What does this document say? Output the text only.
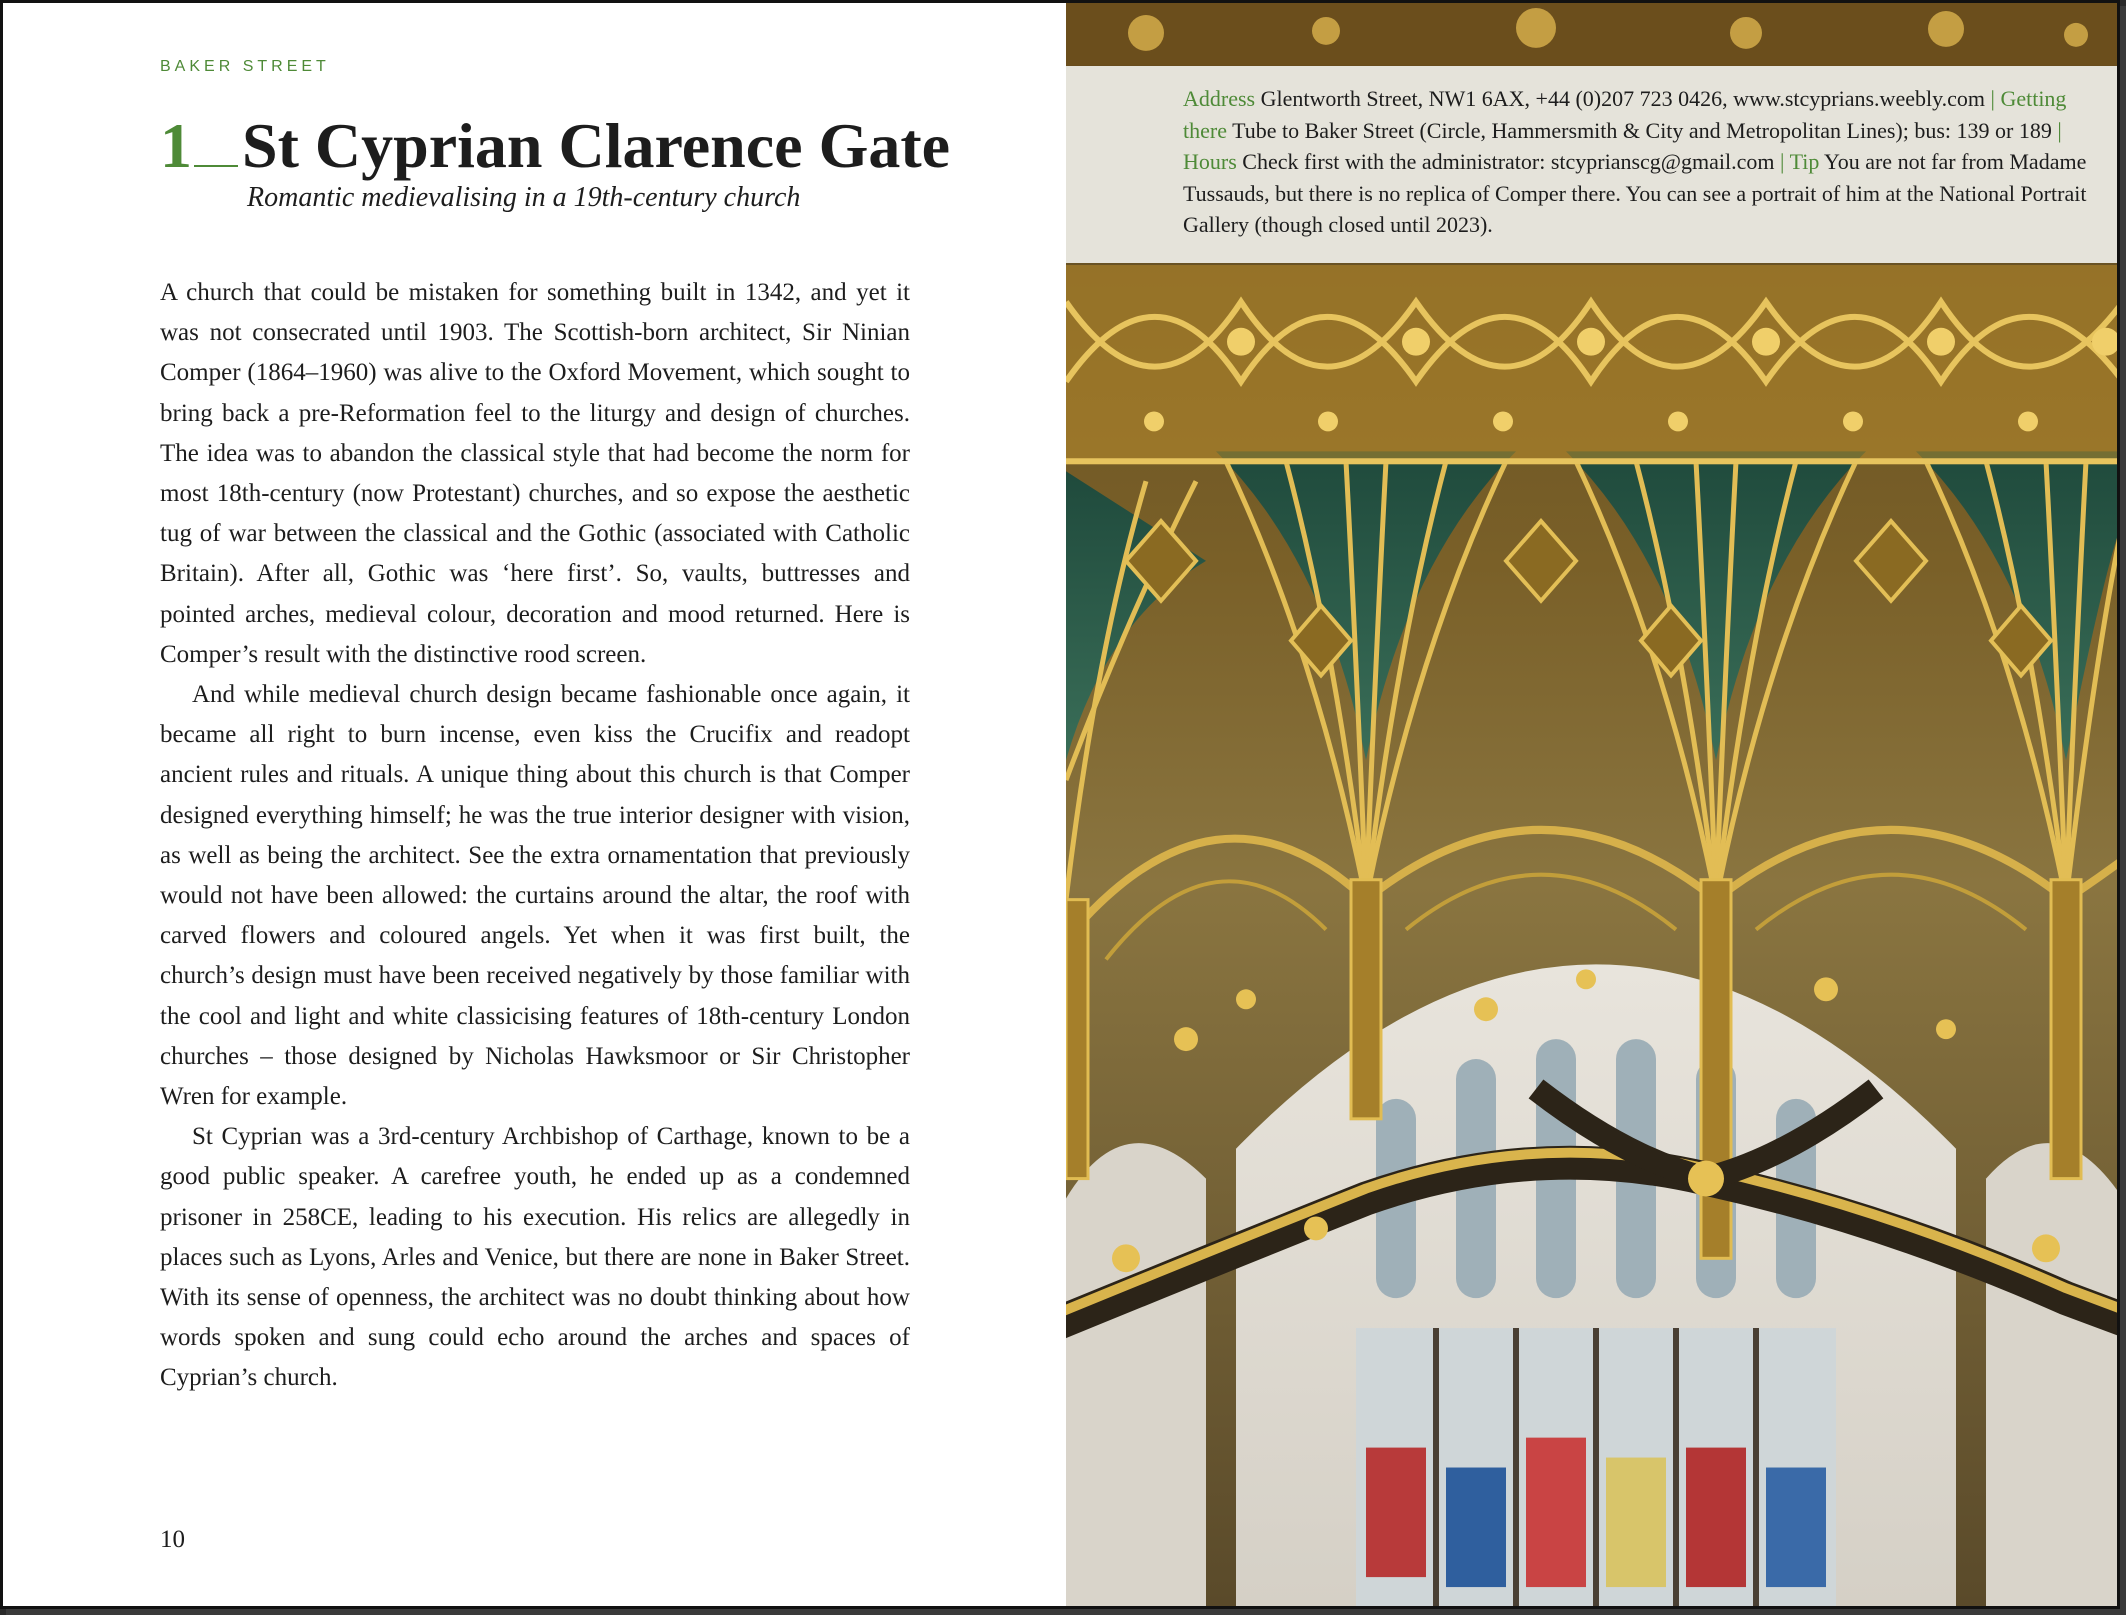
BAKER STREET
1 St Cyprian Clarence Gate
Romantic medievalising in a 19th-century church

A church that could be mistaken for something built in 1342, and yet it was not consecrated until 1903. The Scottish-born architect, Sir Ninian Comper (1864–1960) was alive to the Oxford Movement, which sought to bring back a pre-Reformation feel to the liturgy and design of churches. The idea was to abandon the classical style that had become the norm for most 18th-century (now Protestant) churches, and so expose the aesthetic tug of war between the classical and the Gothic (associated with Catholic Britain). After all, Gothic was ‘here first’. So, vaults, buttresses and pointed arches, medieval colour, decoration and mood returned. Here is Comper’s result with the distinctive rood screen.

And while medieval church design became fashionable once again, it became all right to burn incense, even kiss the Crucifix and readopt ancient rules and rituals. A unique thing about this church is that Comper designed everything himself; he was the true interior designer with vision, as well as being the architect. See the extra ornamentation that previously would not have been allowed: the curtains around the altar, the roof with carved flowers and coloured angels. Yet when it was first built, the church’s design must have been received negatively by those familiar with the cool and light and white classicising features of 18th-century London churches – those designed by Nicholas Hawksmoor or Sir Christopher Wren for example.

St Cyprian was a 3rd-century Archbishop of Carthage, known to be a good public speaker. A carefree youth, he ended up as a condemned prisoner in 258CE, leading to his execution. His relics are allegedly in places such as Lyons, Arles and Venice, but there are none in Baker Street. With its sense of openness, the architect was no doubt thinking about how words spoken and sung could echo around the arches and spaces of Cyprian’s church.

10
Address Glentworth Street, NW1 6AX, +44 (0)207 723 0426, www.stcyprians.weebly.com | Getting there Tube to Baker Street (Circle, Hammersmith & City and Metropolitan Lines); bus: 139 or 189 | Hours Check first with the administrator: stcyprianscg@gmail.com | Tip You are not far from Madame Tussauds, but there is no replica of Comper there. You can see a portrait of him at the National Portrait Gallery (though closed until 2023).
